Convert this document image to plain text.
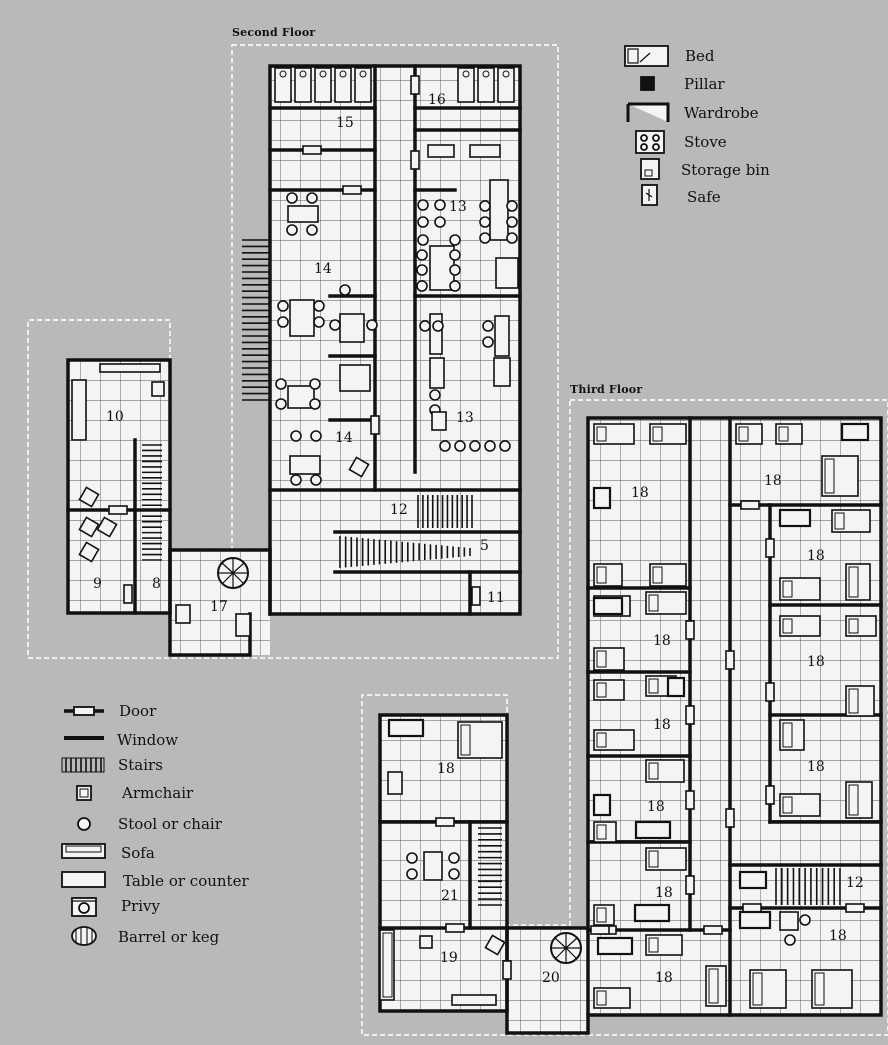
Second Floor
Third Floor
15
16
13
14
13
14
10
12
5
11
9	8
17
18
18
18
18
18
18
18
18
18
18
12
18
18
21
19
20
Bed
Pillar
Wardrobe
Stove
Storage bin
Safe
Door
Window
Stairs
Armchair
Stool or chair
Sofa
Table or counter
Privy
Barrel or keg
